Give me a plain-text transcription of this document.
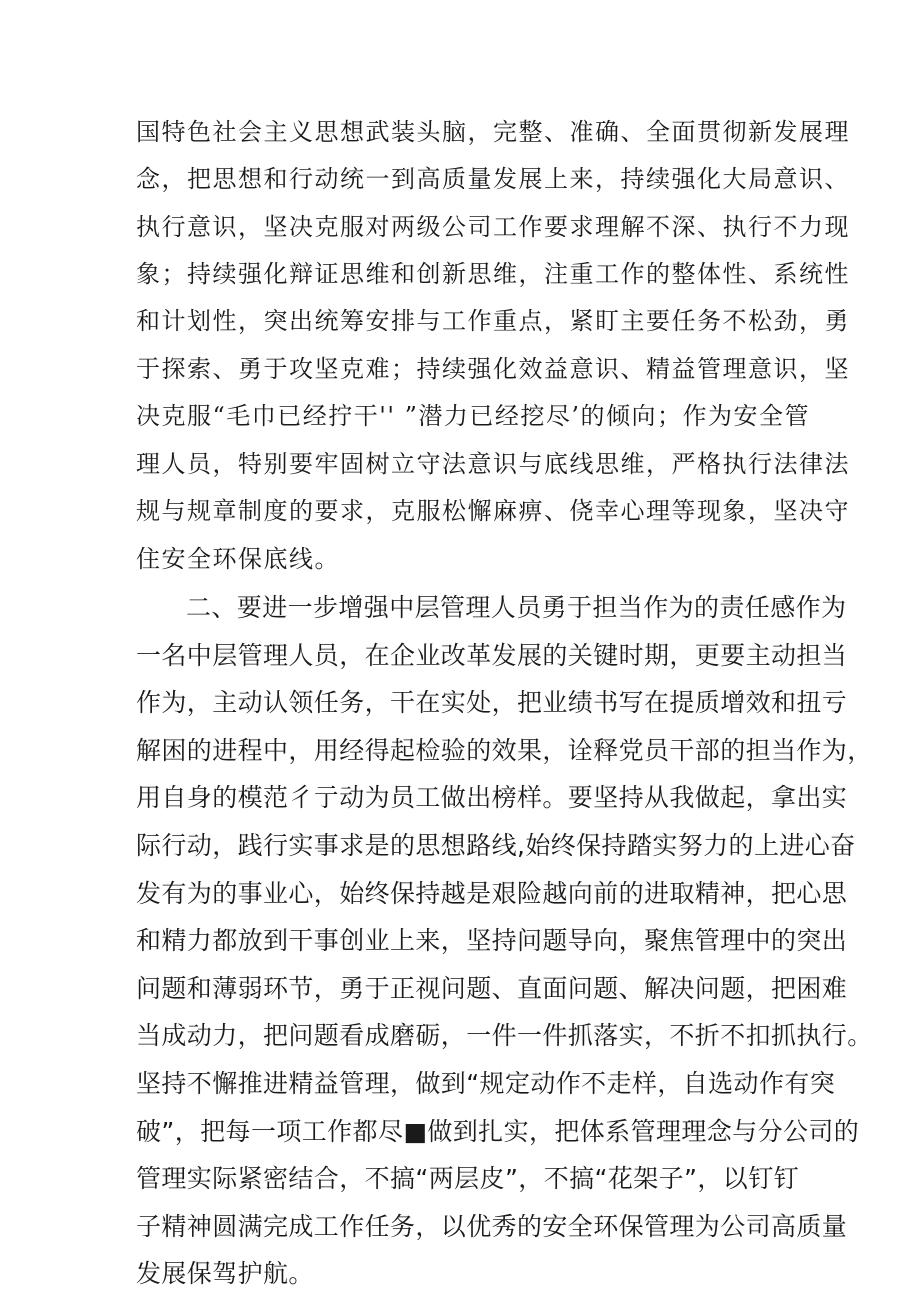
国特色社会主义思想武装头脑，完整、准确、全面贯彻新发展理
念，把思想和行动统一到高质量发展上来，持续强化大局意识、
执行意识，坚决克服对两级公司工作要求理解不深、执行不力现
象；持续强化辩证思维和创新思维，注重工作的整体性、系统性
和计划性，突出统筹安排与工作重点，紧盯主要任务不松劲，勇
于探索、勇于攻坚克难；持续强化效益意识、精益管理意识，坚
决克服“毛巾已经拧干'' ”潜力已经挖尽’的倾向；作为安全管
理人员，特别要牢固树立守法意识与底线思维，严格执行法律法
规与规章制度的要求，克服松懈麻痹、侥幸心理等现象，坚决守
住安全环保底线。
二、要进一步增强中层管理人员勇于担当作为的责任感作为
一名中层管理人员，在企业改革发展的关键时期，更要主动担当
作为，主动认领任务，干在实处，把业绩书写在提质增效和扭亏
解困的进程中，用经得起检验的效果，诠释党员干部的担当作为，
用自身的模范彳亍动为员工做出榜样。要坚持从我做起，拿出实
际行动，践行实事求是的思想路线,始终保持踏实努力的上进心奋
发有为的事业心，始终保持越是艰险越向前的进取精神，把心思
和精力都放到干事创业上来，坚持问题导向，聚焦管理中的突出
问题和薄弱环节，勇于正视问题、直面问题、解决问题，把困难
当成动力，把问题看成磨砺，一件一件抓落实，不折不扣抓执行。
坚持不懈推进精益管理，做到“规定动作不走样，自选动作有突
破”，把每一项工作都尽■做到扎实，把体系管理理念与分公司的
管理实际紧密结合，不搞“两层皮”，不搞“花架子”，以钉钉
子精神圆满完成工作任务，以优秀的安全环保管理为公司高质量
发展保驾护航。
